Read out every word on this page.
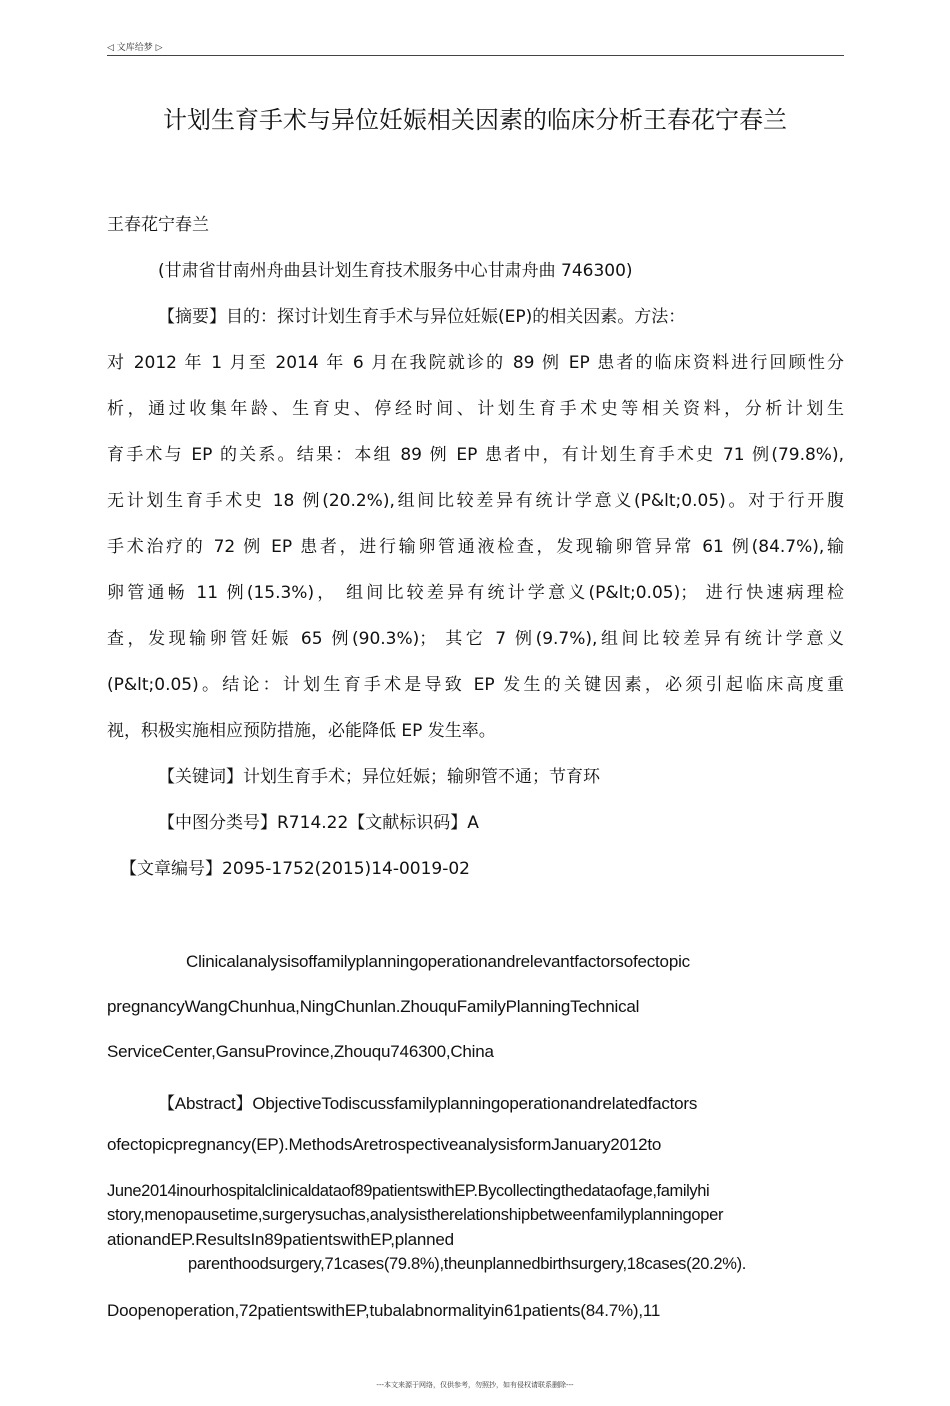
◁ 文库给梦 ▷
计划生育手术与异位妊娠相关因素的临床分析王春花宁春兰
王春花宁春兰
(甘肃省甘南州舟曲县计划生育技术服务中心甘肃舟曲 746300)
【摘要】目的：探讨计划生育手术与异位妊娠(EP)的相关因素。方法：
对 2012 年 1 月至 2014 年 6 月在我院就诊的 89 例 EP 患者的临床资料进行回顾性分
析，通过收集年龄、生育史、停经时间、计划生育手术史等相关资料，分析计划生
育手术与 EP 的关系。结果：本组 89 例 EP 患者中，有计划生育手术史 71 例(79.8%),
无计划生育手术史 18 例(20.2%),组间比较差异有统计学意义(P&lt;0.05)。对于行开腹
手术治疗的 72 例 EP 患者，进行输卵管通液检查，发现输卵管异常 61 例(84.7%),输
卵管通畅 11 例(15.3%)， 组间比较差异有统计学意义(P&lt;0.05)； 进行快速病理检
查，发现输卵管妊娠 65 例(90.3%)； 其它 7 例(9.7%),组间比较差异有统计学意义
(P&lt;0.05)。结论：计划生育手术是导致 EP 发生的关键因素，必须引起临床高度重
视，积极实施相应预防措施，必能降低 EP 发生率。
【关键词】计划生育手术；异位妊娠；输卵管不通；节育环
【中图分类号】R714.22【文献标识码】A
【文章编号】2095-1752(2015)14-0019-02
Clinicalanalysisoffamilyplanningoperationandrelevantfactorsofectopic
pregnancyWangChunhua,NingChunlan.ZhouquFamilyPlanningTechnical
ServiceCenter,GansuProvince,Zhouqu746300,China
【Abstract】ObjectiveTodiscussfamilyplanningoperationandrelatedfactors
ofectopicpregnancy(EP).MethodsAretrospectiveanalysisformJanuary2012to
June2014inourhospitalclinicaldataof89patientswithEP.Bycollectingthedataofage,familyhi
story,menopausetime,surgerysuchas,analysistherelationshipbetweenfamilyplanningoper
ationandEP.ResultsIn89patientswithEP,planned
parenthoodsurgery,71cases(79.8%),theunplannedbirthsurgery,18cases(20.2%).
Doopenoperation,72patientswithEP,tubalabnormalityin61patients(84.7%),11
---本文来源于网络，仅供参考，勿照抄，如有侵权请联系删除---
